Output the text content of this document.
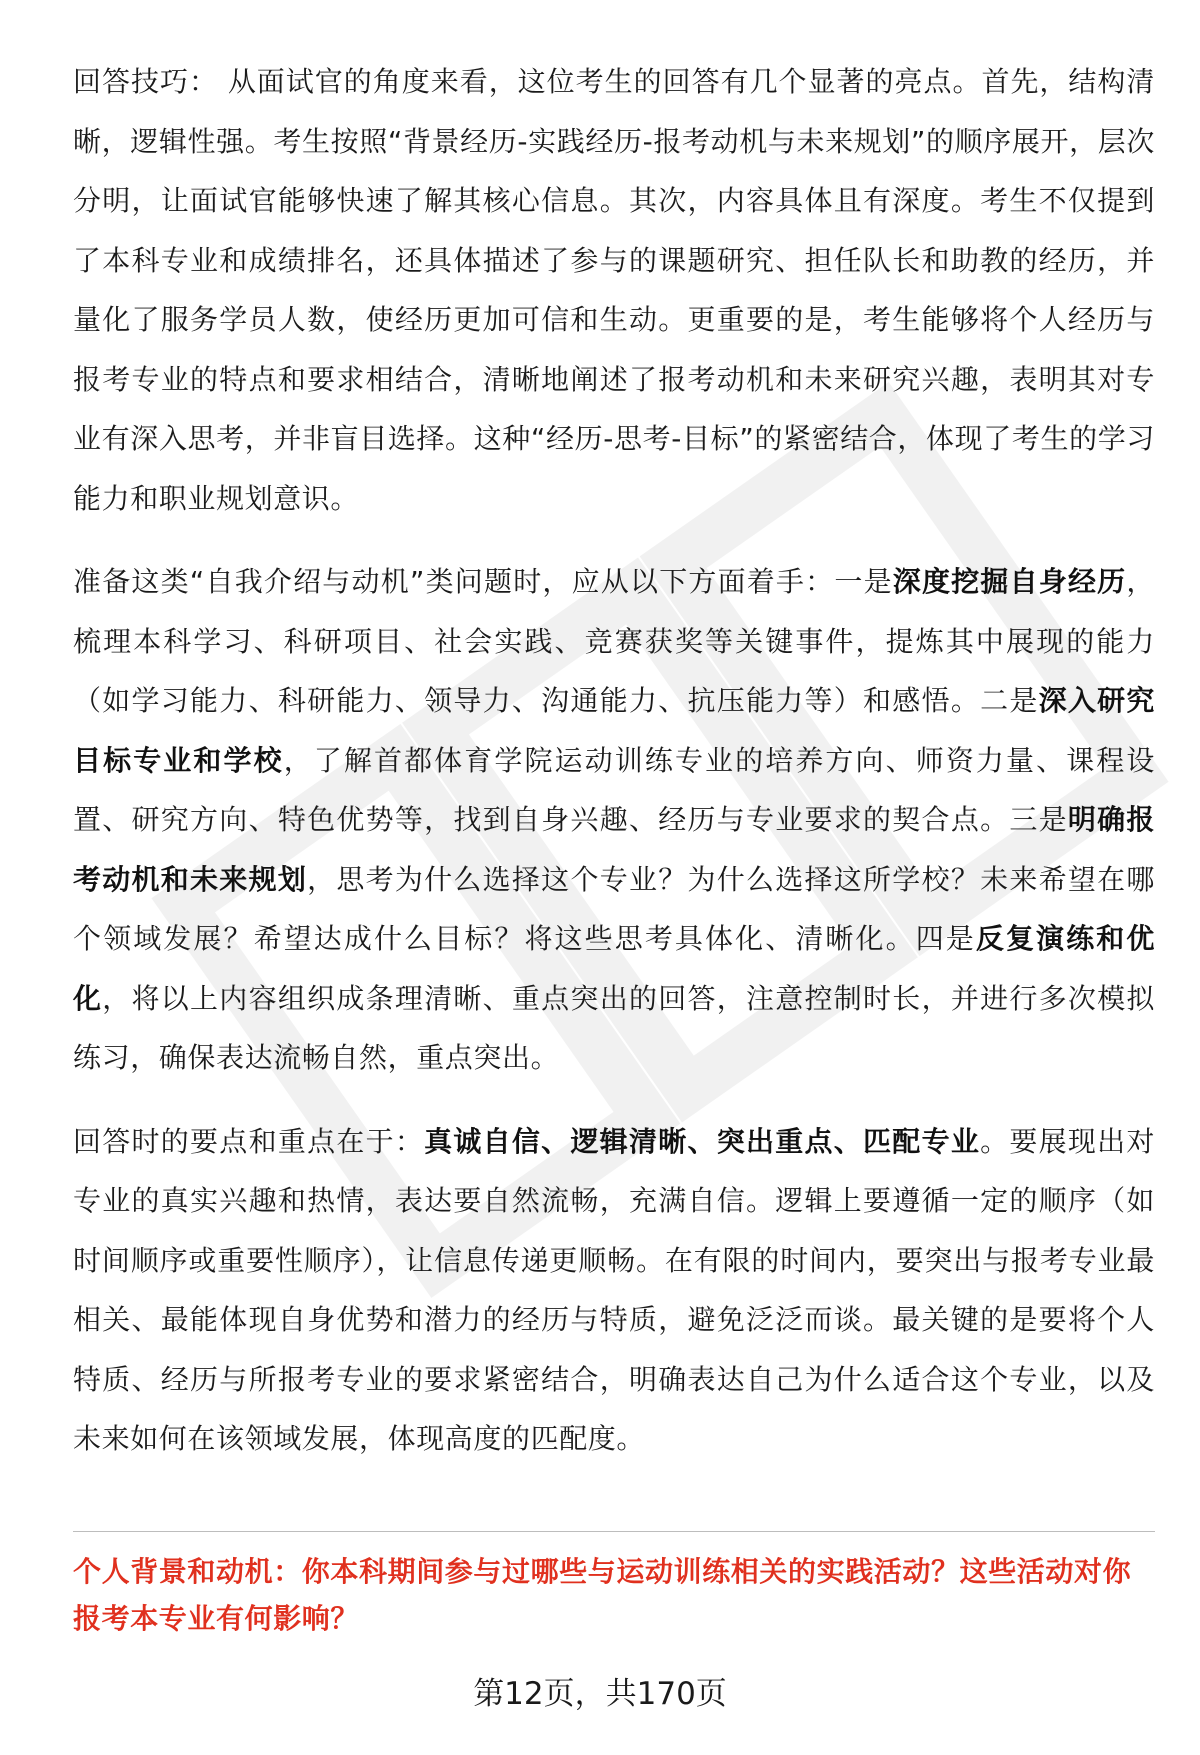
回答技巧： 从面试官的角度来看，这位考生的回答有几个显著的亮点。首先，结构清晰，逻辑性强。考生按照“背景经历-实践经历-报考动机与未来规划”的顺序展开，层次分明，让面试官能够快速了解其核心信息。其次，内容具体且有深度。考生不仅提到了本科专业和成绩排名，还具体描述了参与的课题研究、担任队长和助教的经历，并量化了服务学员人数，使经历更加可信和生动。更重要的是，考生能够将个人经历与报考专业的特点和要求相结合，清晰地阐述了报考动机和未来研究兴趣，表明其对专业有深入思考，并非盲目选择。这种“经历-思考-目标”的紧密结合，体现了考生的学习能力和职业规划意识。

准备这类“自我介绍与动机”类问题时，应从以下方面着手：一是深度挖掘自身经历，梳理本科学习、科研项目、社会实践、竞赛获奖等关键事件，提炼其中展现的能力（如学习能力、科研能力、领导力、沟通能力、抗压能力等）和感悟。二是深入研究目标专业和学校，了解首都体育学院运动训练专业的培养方向、师资力量、课程设置、研究方向、特色优势等，找到自身兴趣、经历与专业要求的契合点。三是明确报考动机和未来规划，思考为什么选择这个专业？为什么选择这所学校？未来希望在哪个领域发展？希望达成什么目标？将这些思考具体化、清晰化。四是反复演练和优化，将以上内容组织成条理清晰、重点突出的回答，注意控制时长，并进行多次模拟练习，确保表达流畅自然，重点突出。

回答时的要点和重点在于：真诚自信、逻辑清晰、突出重点、匹配专业。要展现出对专业的真实兴趣和热情，表达要自然流畅，充满自信。逻辑上要遵循一定的顺序（如时间顺序或重要性顺序），让信息传递更顺畅。在有限的时间内，要突出与报考专业最相关、最能体现自身优势和潜力的经历与特质，避免泛泛而谈。最关键的是要将个人特质、经历与所报考专业的要求紧密结合，明确表达自己为什么适合这个专业，以及未来如何在该领域发展，体现高度的匹配度。

个人背景和动机：你本科期间参与过哪些与运动训练相关的实践活动？这些活动对你报考本专业有何影响？
第12页，共170页
